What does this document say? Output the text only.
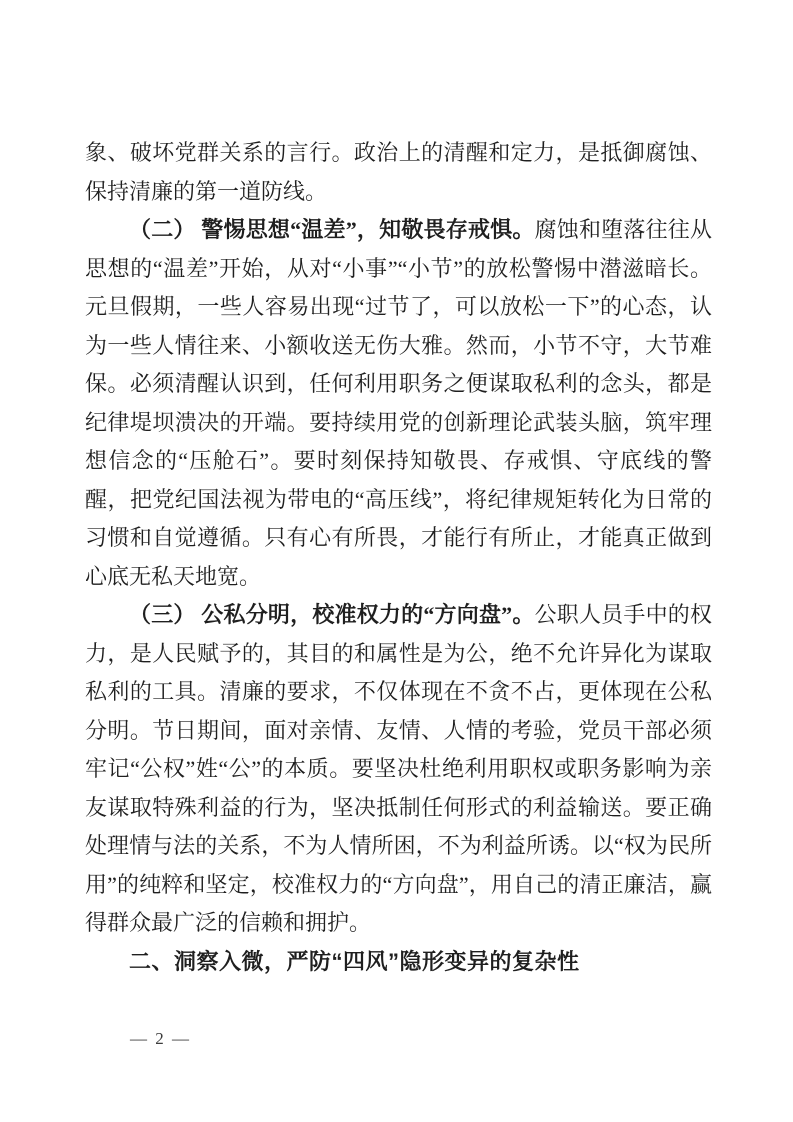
象、破坏党群关系的言行。政治上的清醒和定力，是抵御腐蚀、保持清廉的第一道防线。

（二） 警惕思想“温差”，知敬畏存戒惧。腐蚀和堕落往往从思想的“温差”开始，从对“小事”“小节”的放松警惕中潜滋暗长。元旦假期，一些人容易出现“过节了，可以放松一下”的心态，认为一些人情往来、小额收送无伤大雅。然而，小节不守，大节难保。必须清醒认识到，任何利用职务之便谋取私利的念头，都是纪律堤坝溃决的开端。要持续用党的创新理论武装头脑，筑牢理想信念的“压舱石”。要时刻保持知敬畏、存戒惧、守底线的警醒，把党纪国法视为带电的“高压线”，将纪律规矩转化为日常的习惯和自觉遵循。只有心有所畏，才能行有所止，才能真正做到心底无私天地宽。

（三） 公私分明，校准权力的“方向盘”。公职人员手中的权力，是人民赋予的，其目的和属性是为公，绝不允许异化为谋取私利的工具。清廉的要求，不仅体现在不贪不占，更体现在公私分明。节日期间，面对亲情、友情、人情的考验，党员干部必须牢记“公权”姓“公”的本质。要坚决杜绝利用职权或职务影响为亲友谋取特殊利益的行为，坚决抵制任何形式的利益输送。要正确处理情与法的关系，不为人情所困，不为利益所诱。以“权为民所用”的纯粹和坚定，校准权力的“方向盘”，用自己的清正廉洁，赢得群众最广泛的信赖和拥护。

二、洞察入微，严防“四风”隐形变异的复杂性

— 2 —
